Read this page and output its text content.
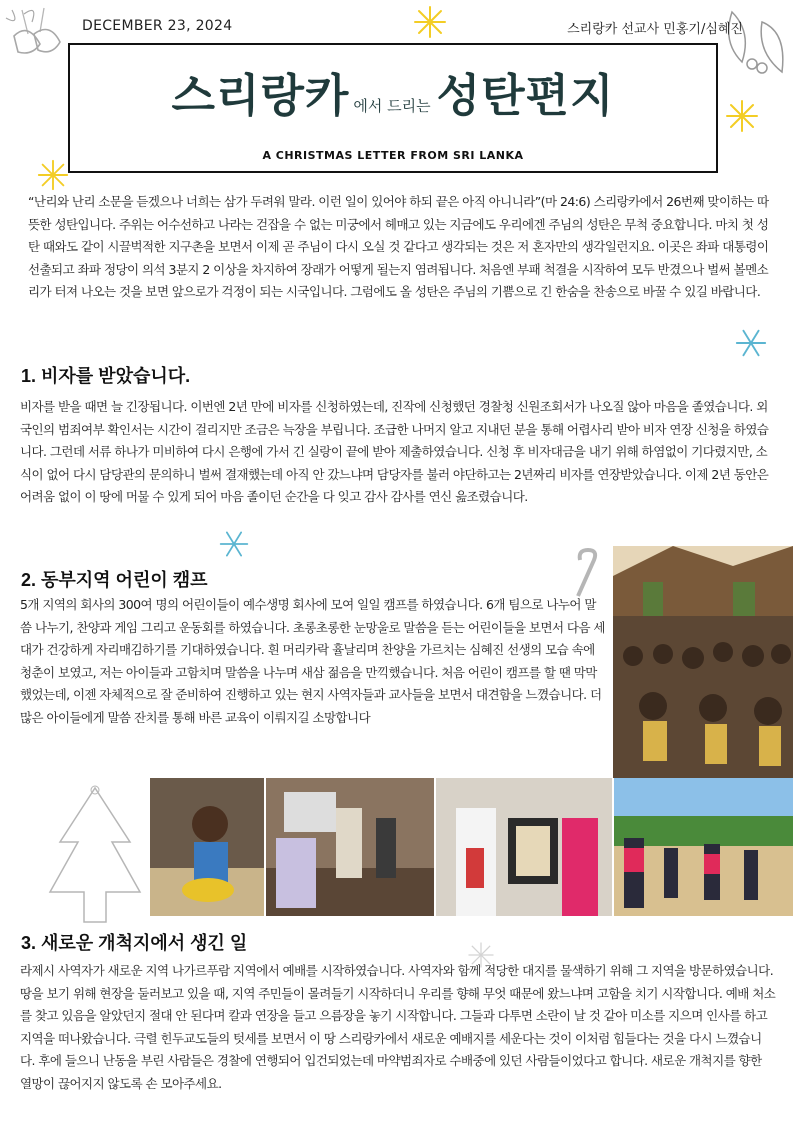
DECEMBER 23, 2024	스리랑카 선교사 민홍기/심혜진
스리랑카 에서 드리는 성탄편지
A CHRISTMAS LETTER FROM SRI LANKA

“난리와 난리 소문을 듣겠으나 너희는 삼가 두려워 말라. 이런 일이 있어야 하되 끝은 아직 아니니라”(마 24:6) 스리랑카에서 26번째 맞이하는 따뜻한 성탄입니다. 주위는 어수선하고 나라는 걷잡을 수 없는 미궁에서 헤매고 있는 지금에도 우리에겐 주님의 성탄은 무척 중요합니다. 마치 첫 성탄 때와도 같이 시끌벅적한 지구촌을 보면서 이제 곧 주님이 다시 오실 것 같다고 생각되는 것은 저 혼자만의 생각일런지요. 이곳은 좌파 대통령이 선출되고 좌파 정당이 의석 3분지 2 이상을 차지하여 장래가 어떻게 될는지 염려됩니다. 처음엔 부패 척결을 시작하여 모두 반겼으나 벌써 볼멘소리가 터져 나오는 것을 보면 앞으로가 걱정이 되는 시국입니다. 그럼에도 올 성탄은 주님의 기쁨으로 긴 한숨을 찬송으로 바꿀 수 있길 바랍니다.

1. 비자를 받았습니다.

비자를 받을 때면 늘 긴장됩니다. 이번엔 2년 만에 비자를 신청하였는데, 진작에 신청했던 경찰청 신원조회서가 나오질 않아 마음을 졸였습니다. 외국인의 범죄여부 확인서는 시간이 걸리지만 조금은 늑장을 부립니다. 조급한 나머지 알고 지내던 분을 통해 어렵사리 받아 비자 연장 신청을 하였습니다. 그런데 서류 하나가 미비하여 다시 은행에 가서 긴 실랑이 끝에 받아 제출하였습니다. 신청 후 비자대금을 내기 위해 하염없이 기다렸지만, 소식이 없어 다시 담당관의 문의하니 벌써 결재했는데 아직 안 갔느냐며 담당자를 불러 야단하고는 2년짜리 비자를 연장받았습니다. 이제 2년 동안은 어려움 없이 이 땅에 머물 수 있게 되어 마음 졸이던 순간을 다 잊고 감사 감사를 연신 읊조렸습니다.

2. 동부지역 어린이 캠프

5개 지역의 회사의 300여 명의 어린이들이 예수생명 회사에 모여 일일 캠프를 하였습니다. 6개 팀으로 나누어 말씀 나누기, 찬양과 게임 그리고 운동회를 하였습니다. 초롱초롱한 눈망울로 말씀을 듣는 어린이들을 보면서 다음 세대가 건강하게 자리매김하기를 기대하였습니다. 흰 머리카락 휼날리며 찬양을 가르치는 심혜진 선생의 모습 속에 청춘이 보였고, 저는 아이들과 고함치며 말씀을 나누며 새삼 젊음을 만끽했습니다. 처음 어린이 캠프를 할 땐 막막했었는데, 이젠 자체적으로 잘 준비하여 진행하고 있는 현지 사역자들과 교사들을 보면서 대견함을 느꼈습니다. 더 많은 아이들에게 말씀 잔치를 통해 바른 교육이 이뤄지길 소망합니다

3. 새로운 개척지에서 생긴 일

라제시 사역자가 새로운 지역 나가르푸람 지역에서 예배를 시작하였습니다. 사역자와 함께 적당한 대지를 물색하기 위해 그 지역을 방문하였습니다. 땅을 보기 위해 현장을 둘러보고 있을 때, 지역 주민들이 몰려들기 시작하더니 우리를 향해 무엇 때문에 왔느냐며 고함을 치기 시작합니다. 예배 처소를 찾고 있음을 알았던지 절대 안 된다며 칼과 연장을 들고 으름장을 놓기 시작합니다. 그들과 다투면 소란이 날 것 같아 미소를 지으며 인사를 하고 지역을 떠나왔습니다. 극렬 힌두교도들의 텃세를 보면서 이 땅 스리랑카에서 새로운 예배지를 세운다는 것이 이처럼 힘들다는 것을 다시 느꼈습니다. 후에 들으니 난동을 부린 사람들은 경찰에 연행되어 입건되었는데 마약범죄자로 수배중에 있던 사람들이었다고 합니다. 새로운 개척지를 향한 열망이 끊어지지 않도록 손 모아주세요.
